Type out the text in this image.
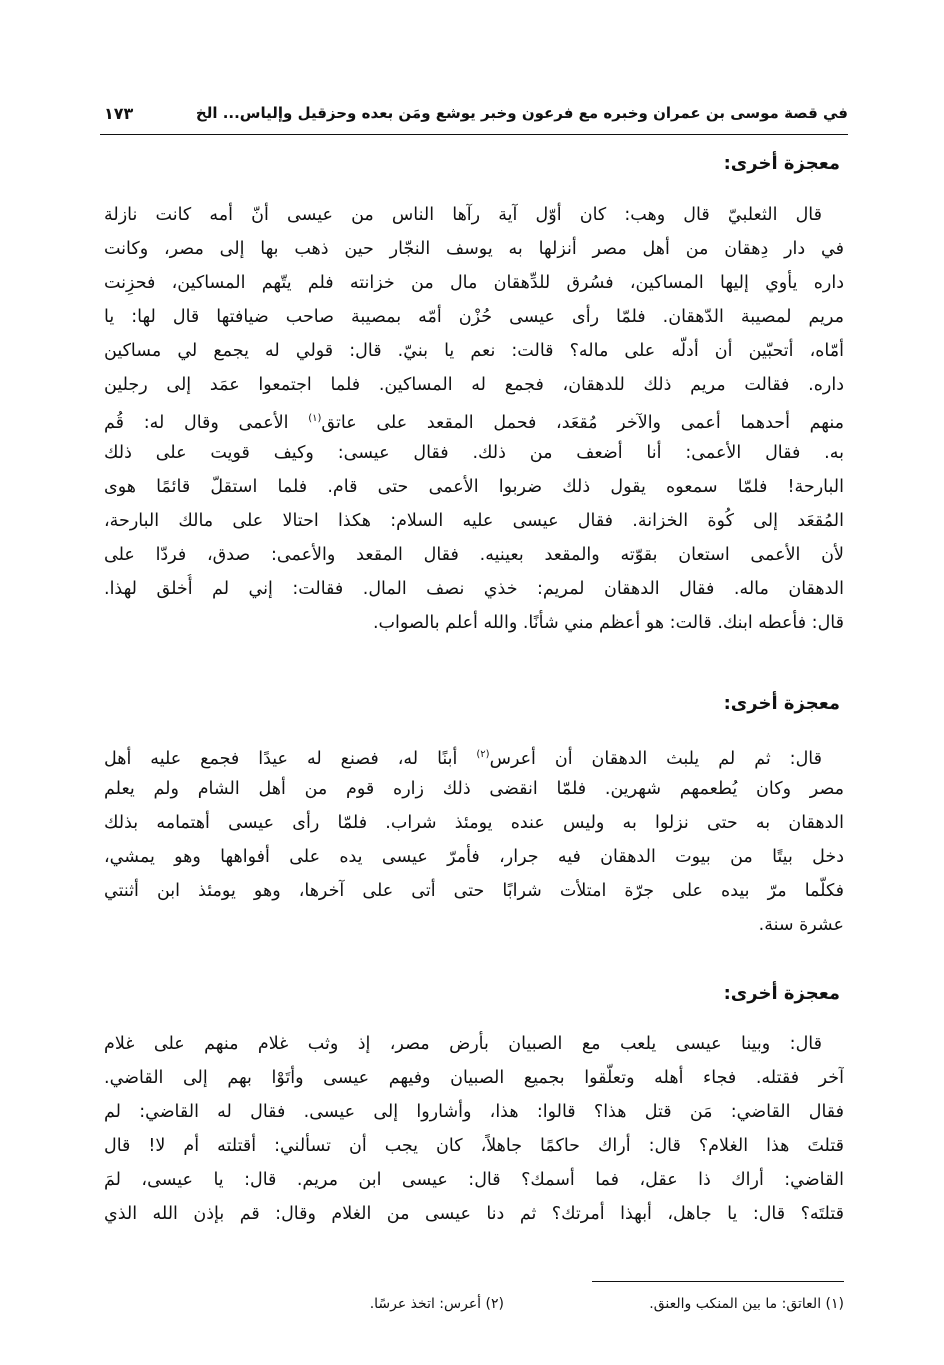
في قصة موسى بن عمران وخبره مع فرعون وخبر يوشع ومَن بعده وحزقيل وإلياس... الخ
١٧٣
معجزة أخرى:
قال الثعلبيّ قال وهب: كان أوّل آية رآها الناس من عيسى أنّ أمه كانت نازلة
في دار دِهقان من أهل مصر أنزلها به يوسف النجّار حين ذهب بها إلى مصر، وكانت
داره يأوي إليها المساكين، فسُرق للدِّهقان مال من خزانته فلم يتّهم المساكين، فحزِنت
مريم لمصيبة الدّهقان. فلمّا رأى عيسى حُزْن أمّه بمصيبة صاحب ضيافتها قال لها: يا
أمّاه، أتحبّين أن أدلّه على ماله؟ قالت: نعم يا بنيّ. قال: قولي له يجمع لي مساكين
داره. فقالت مريم ذلك للدهقان، فجمع له المساكين. فلما اجتمعوا عمَد إلى رجلين
منهم أحدهما أعمى والآخر مُقعَد، فحمل المقعد على عاتق$^{(١)}$ الأعمى وقال له: قُم
به. فقال الأعمى: أنا أضعف من ذلك. فقال عيسى: وكيف قويت على ذلك
البارحة! فلمّا سمعوه يقول ذلك ضربوا الأعمى حتى قام. فلما استقلّ قائمًا هوى
المُقعَد إلى كُوة الخزانة. فقال عيسى عليه السلام: هكذا احتالا على مالك البارحة،
لأن الأعمى استعان بقوّته والمقعد بعينيه. فقال المقعد والأعمى: صدق، فردّا على
الدهقان ماله. فقال الدهقان لمريم: خذي نصف المال. فقالت: إني لم أُخلق لهذا.
قال: فأعطه ابنك. قالت: هو أعظم مني شأنًا. والله أعلم بالصواب.
معجزة أخرى:
قال: ثم لم يلبث الدهقان أن أعرس$^{(٢)}$ أبنًا له، فصنع له عيدًا فجمع عليه أهل
مصر وكان يُطعمهم شهرين. فلمّا انقضى ذلك زاره قوم من أهل الشام ولم يعلم
الدهقان به حتى نزلوا به وليس عنده يومئذ شراب. فلمّا رأى عيسى أهتمامه بذلك
دخل بيتًا من بيوت الدهقان فيه جرار، فأمرّ عيسى يده على أفواهها وهو يمشي،
فكلّما مرّ بيده على جرّة امتلأت شرابًا حتى أتى على آخرها، وهو يومئذ ابن أثنتي
عشرة سنة.
معجزة أخرى:
قال: وبينا عيسى يلعب مع الصبيان بأرض مصر، إذ وثب غلام منهم على غلام
آخر فقتله. فجاء أهله وتعلّقوا بجميع الصبيان وفيهم عيسى وأتَوْا بهم إلى القاضي.
فقال القاضي: مَن قتل هذا؟ قالوا: هذا، وأشاروا إلى عيسى. فقال له القاضي: لم
قتلتَ هذا الغلام؟ قال: أراك حاكمًا جاهلاً، كان يجب أن تسألني: أقتلته أم لا! قال
القاضي: أراك ذا عقل، فما أسمك؟ قال: عيسى ابن مريم. قال: يا عيسى، لمَ
قتلتَه؟ قال: يا جاهل، أبهذا أمرتك؟ ثم دنا عيسى من الغلام وقال: قم بإذن الله الذي
(١) العاتق: ما بين المنكب والعنق.
(٢) أعرس: اتخذ عرسًا.
